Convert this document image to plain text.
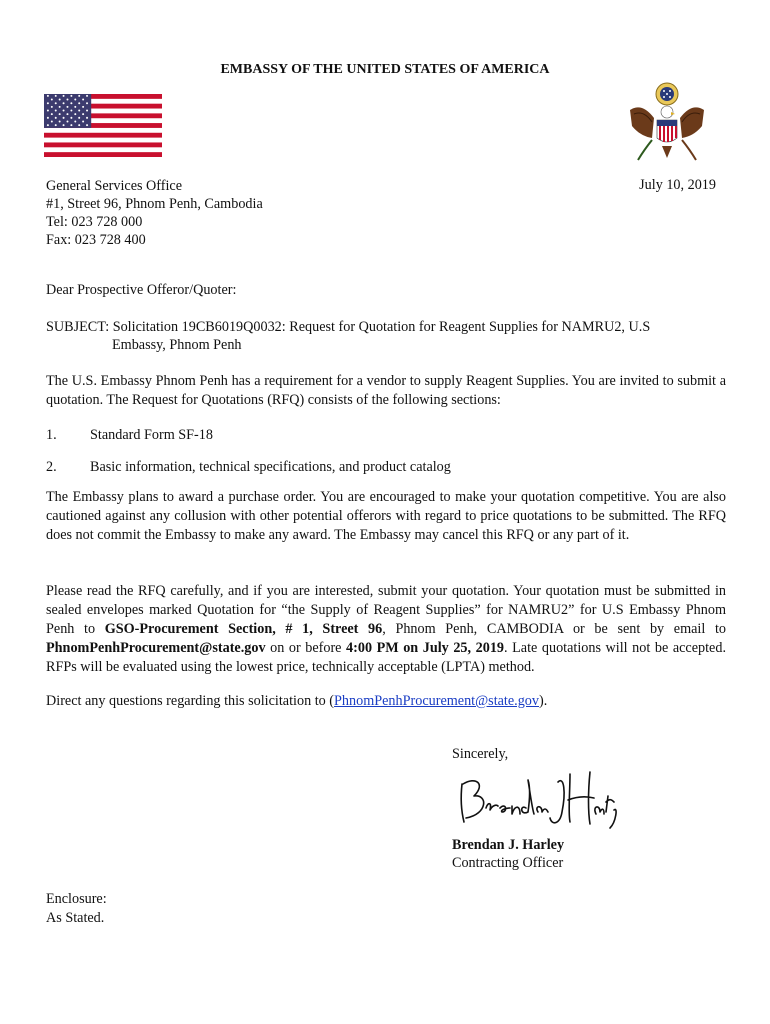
EMBASSY OF THE UNITED STATES OF AMERICA
July 10, 2019
General Services Office
#1, Street 96, Phnom Penh, Cambodia
Tel: 023 728 000
Fax: 023 728 400
Dear Prospective Offeror/Quoter:
SUBJECT: Solicitation 19CB6019Q0032: Request for Quotation for Reagent Supplies for NAMRU2, U.S
Embassy, Phnom Penh
The U.S. Embassy Phnom Penh has a requirement for a vendor to supply Reagent Supplies. You are invited to submit a quotation. The Request for Quotations (RFQ) consists of the following sections:
1. Standard Form SF-18
2. Basic information, technical specifications, and product catalog
The Embassy plans to award a purchase order. You are encouraged to make your quotation competitive. You are also cautioned against any collusion with other potential offerors with regard to price quotations to be submitted. The RFQ does not commit the Embassy to make any award. The Embassy may cancel this RFQ or any part of it.
Please read the RFQ carefully, and if you are interested, submit your quotation. Your quotation must be submitted in sealed envelopes marked Quotation for “the Supply of Reagent Supplies” for NAMRU2” for U.S Embassy Phnom Penh to GSO-Procurement Section, # 1, Street 96, Phnom Penh, CAMBODIA or be sent by email to PhnomPenhProcurement@state.gov on or before 4:00 PM on July 25, 2019. Late quotations will not be accepted. RFPs will be evaluated using the lowest price, technically acceptable (LPTA) method.
Direct any questions regarding this solicitation to (PhnomPenhProcurement@state.gov).
Sincerely,
Brendan J. Harley
Contracting Officer
Enclosure:
As Stated.
